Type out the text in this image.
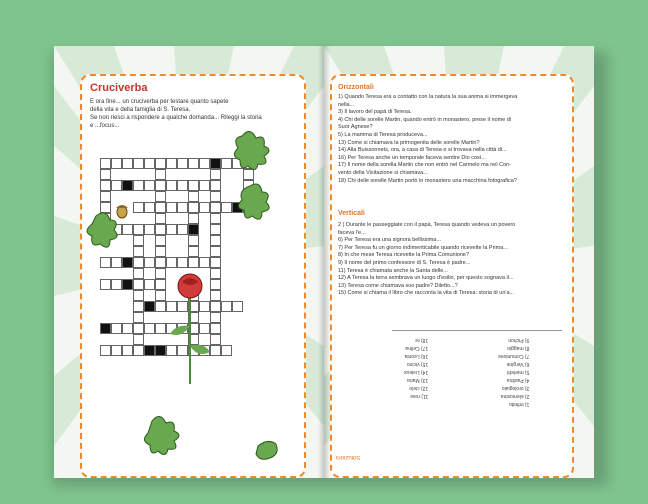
Cruciverba
E ora fine... un cruciverba per testare quanto sapete
della vita e della famiglia di S. Teresa.
Se non riesci a rispondere a qualche domanda... Rileggi la storia
e ...focus...
Orizzontali
1) Quando Teresa era a contatto con la natura la sua anima si immergeva
nella...
3) Il lavoro del papà di Teresa.
4) Chi delle sorelle Martin, quando entrò in monastero, prese il nome di
Suor Agnese?
5) La mamma di Teresa produceva...
13) Come si chiamava la primogenita delle sorelle Martin?
14) Alla Buissonnets, ora, a casa di Teresa e si trovava nella città di...
16) Per Teresa anche un temporale faceva sentire Dio così...
17) Il nome della sorella Martin che non entrò nel Carmelo ma nel Con-
vento della Visitazione si chiamava...
18) Chi delle sorelle Martin portò in monastero una macchina fotografica?
Verticali
2 ) Durante le passeggiate con il papà, Teresa quando vedeva un povero
faceva l'e...
6) Per Teresa era una signora bellissima...
7) Per Teresa fu un giorno indimenticabile quando ricevette la Prima...
8) In che mese Teresa ricevette la Prima Comunione?
9) Il nome del primo confessore di S. Teresa è padre...
11) Teresa è chiamata anche la Santa delle...
12) A Teresa la terra sembrava un luogo d'esilio, per questo sognava il...
13) Teresa come chiamava suo padre? Diletto...?
15) Come si chiama il libro che racconta la vita di Teresa: storia di un'a...
11) rose
12) cielo
13) Maria
14) Lisieux
15) vicino
16) Leonia
17) Celina
18) re
1) infinito
2) elemosina
3) orologiaio
4) Paolina
5) merletti
6) Vergine
7) Comunione
8) maggio
9) Pichon
Soluzioni
